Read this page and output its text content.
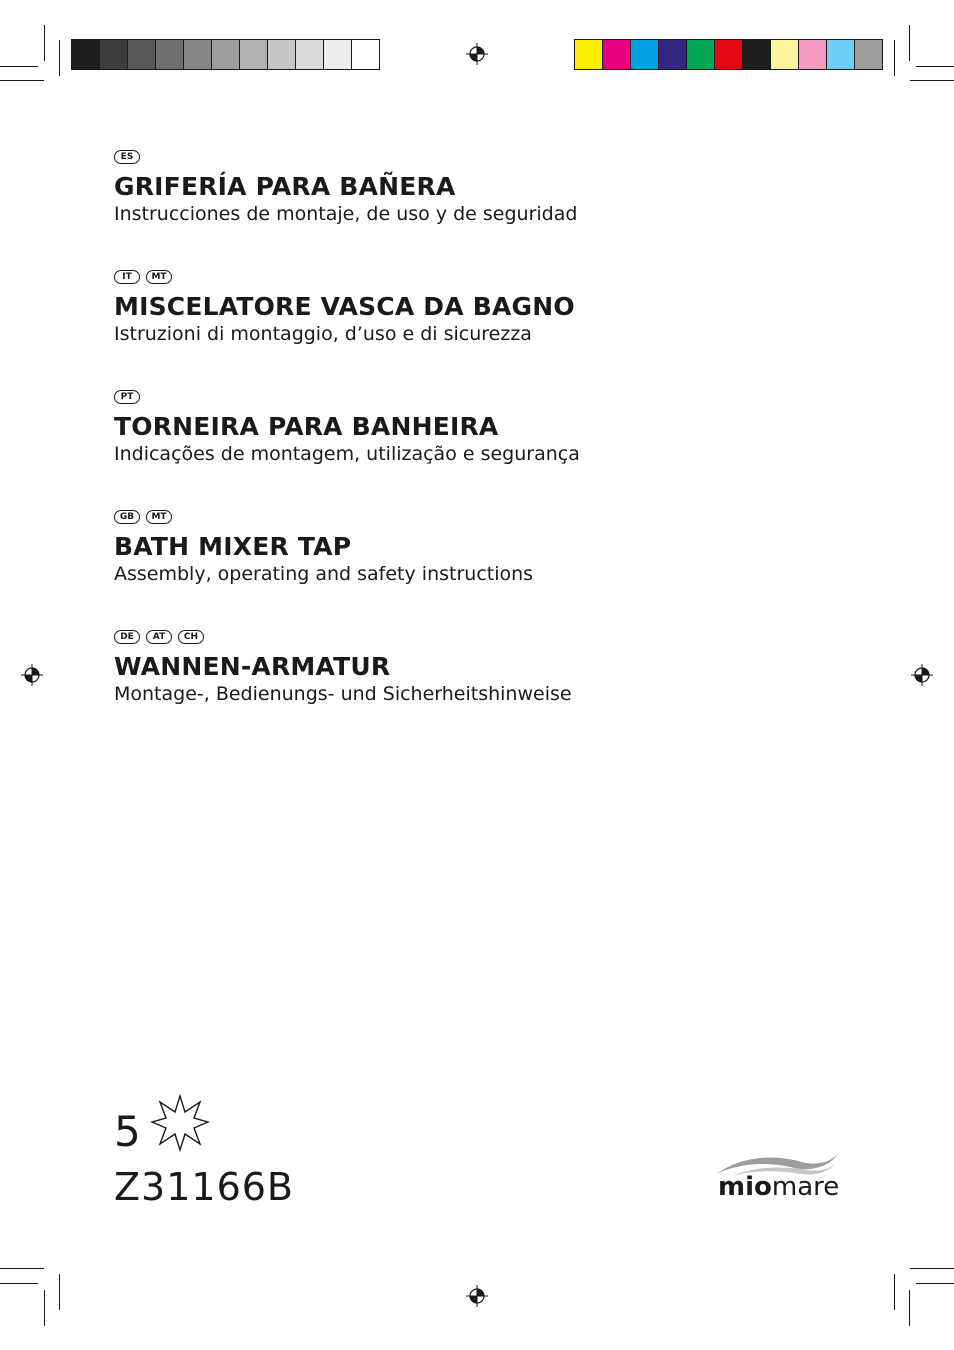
ES
GRIFERÍA PARA BAÑERA

Instrucciones de montaje, de uso y de seguridad

IT	MT
MISCELATORE VASCA DA BAGNO

Istruzioni di montaggio, d’uso e di sicurezza

PT
TORNEIRA PARA BANHEIRA

Indicações de montagem, utilização e segurança

GB	MT
BATH MIXER TAP

Assembly, operating and safety instructions

DE	AT	CH
WANNEN-ARMATUR

Montage-, Bedienungs- und Sicherheitshinweise

5
Z31166B	miomare
